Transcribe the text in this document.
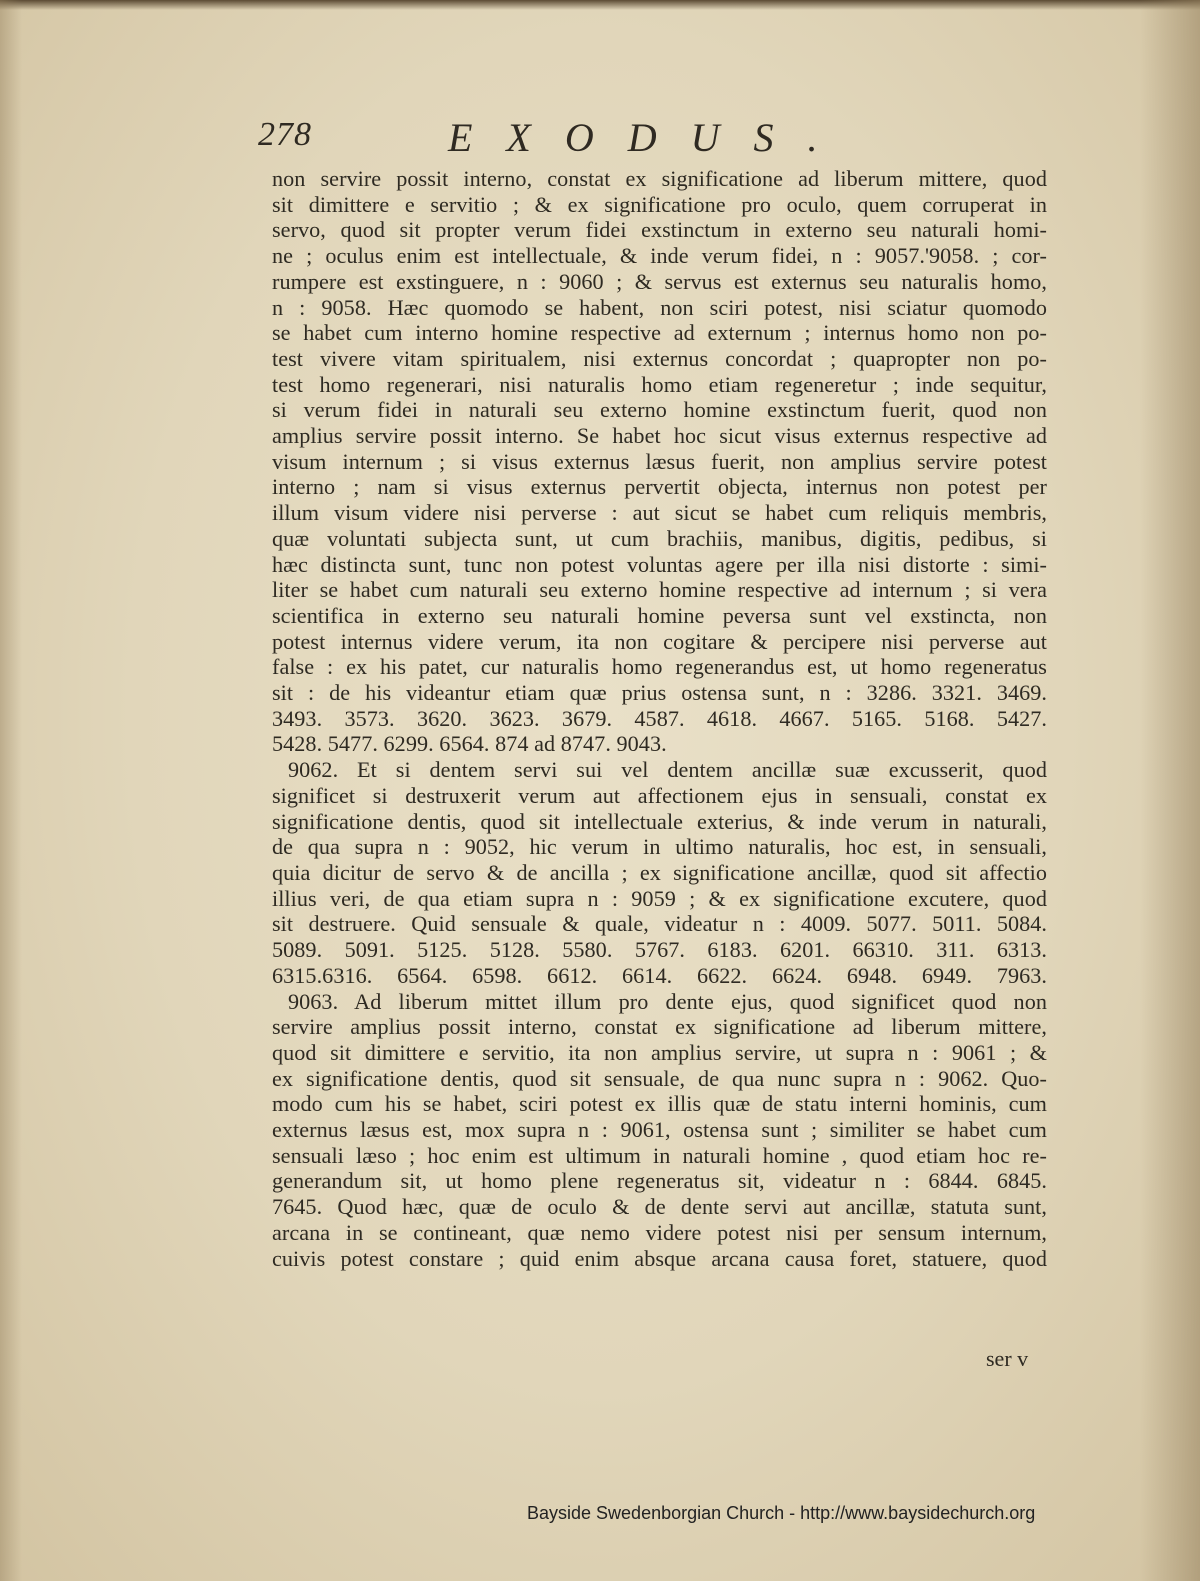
278	EXODUS.
non servire possit interno, constat ex significatione ad liberum mittere, quod
sit dimittere e servitio ; & ex significatione pro oculo, quem corruperat in
servo, quod sit propter verum fidei exstinctum in externo seu naturali homi-
ne ; oculus enim est intellectuale, & inde verum fidei, n : 9057.'9058. ; cor-
rumpere est exstinguere, n : 9060 ; & servus est externus seu naturalis homo,
n : 9058. Hæc quomodo se habent, non sciri potest, nisi sciatur quomodo
se habet cum interno homine respective ad externum ; internus homo non po-
test vivere vitam spiritualem, nisi externus concordat ; quapropter non po-
test homo regenerari, nisi naturalis homo etiam regeneretur ; inde sequitur,
si verum fidei in naturali seu externo homine exstinctum fuerit, quod non
amplius servire possit interno. Se habet hoc sicut visus externus respective ad
visum internum ; si visus externus læsus fuerit, non amplius servire potest
interno ; nam si visus externus pervertit objecta, internus non potest per
illum visum videre nisi perverse : aut sicut se habet cum reliquis membris,
quæ voluntati subjecta sunt, ut cum brachiis, manibus, digitis, pedibus, si
hæc distincta sunt, tunc non potest voluntas agere per illa nisi distorte : simi-
liter se habet cum naturali seu externo homine respective ad internum ; si vera
scientifica in externo seu naturali homine peversa sunt vel exstincta, non
potest internus videre verum, ita non cogitare & percipere nisi perverse aut
false : ex his patet, cur naturalis homo regenerandus est, ut homo regeneratus
sit : de his videantur etiam quæ prius ostensa sunt, n : 3286. 3321. 3469.
3493. 3573. 3620. 3623. 3679. 4587. 4618. 4667. 5165. 5168. 5427.
5428. 5477. 6299. 6564. 874 ad 8747. 9043.
9062. Et si dentem servi sui vel dentem ancillæ suæ excusserit, quod
significet si destruxerit verum aut affectionem ejus in sensuali, constat ex
significatione dentis, quod sit intellectuale exterius, & inde verum in naturali,
de qua supra n : 9052, hic verum in ultimo naturalis, hoc est, in sensuali,
quia dicitur de servo & de ancilla ; ex significatione ancillæ, quod sit affectio
illius veri, de qua etiam supra n : 9059 ; & ex significatione excutere, quod
sit destruere. Quid sensuale & quale, videatur n : 4009. 5077. 5011. 5084.
5089. 5091. 5125. 5128. 5580. 5767. 6183. 6201. 66310. 311. 6313.
6315.6316. 6564. 6598. 6612. 6614. 6622. 6624. 6948. 6949. 7963.
9063. Ad liberum mittet illum pro dente ejus, quod significet quod non
servire amplius possit interno, constat ex significatione ad liberum mittere,
quod sit dimittere e servitio, ita non amplius servire, ut supra n : 9061 ; &
ex significatione dentis, quod sit sensuale, de qua nunc supra n : 9062. Quo-
modo cum his se habet, sciri potest ex illis quæ de statu interni hominis, cum
externus læsus est, mox supra n : 9061, ostensa sunt ; similiter se habet cum
sensuali læso ; hoc enim est ultimum in naturali homine , quod etiam hoc re-
generandum sit, ut homo plene regeneratus sit, videatur n : 6844. 6845.
7645. Quod hæc, quæ de oculo & de dente servi aut ancillæ, statuta sunt,
arcana in se contineant, quæ nemo videre potest nisi per sensum internum,
cuivis potest constare ; quid enim absque arcana causa foret, statuere, quod
ser v
Bayside Swedenborgian Church - http://www.baysidechurch.org
